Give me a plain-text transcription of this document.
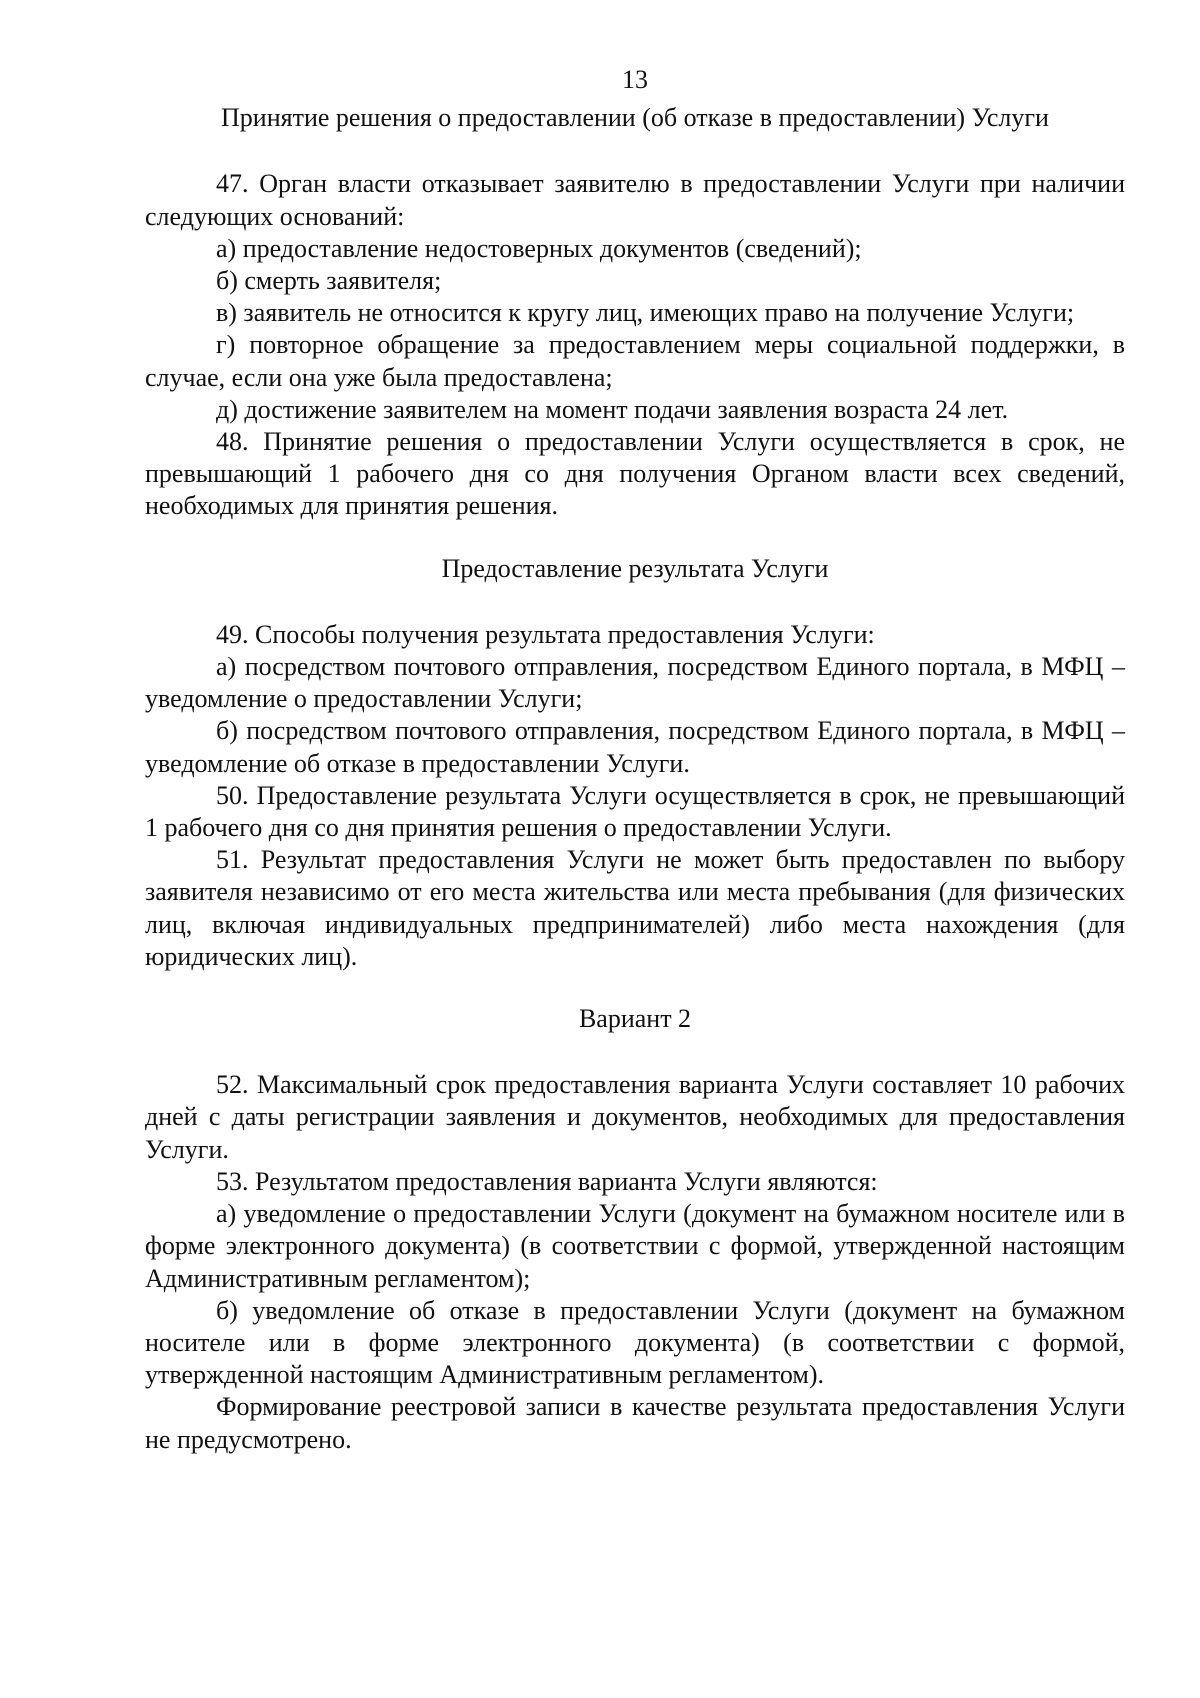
13
Принятие решения о предоставлении (об отказе в предоставлении) Услуги

47. Орган власти отказывает заявителю в предоставлении Услуги при наличии следующих оснований:

а) предоставление недостоверных документов (сведений);

б) смерть заявителя;

в) заявитель не относится к кругу лиц, имеющих право на получение Услуги;

г) повторное обращение за предоставлением меры социальной поддержки, в случае, если она уже была предоставлена;

д) достижение заявителем на момент подачи заявления возраста 24 лет.

48. Принятие решения о предоставлении Услуги осуществляется в срок, не превышающий 1 рабочего дня со дня получения Органом власти всех сведений, необходимых для принятия решения.

Предоставление результата Услуги

49. Способы получения результата предоставления Услуги:

а) посредством почтового отправления, посредством Единого портала, в МФЦ – уведомление о предоставлении Услуги;

б) посредством почтового отправления, посредством Единого портала, в МФЦ – уведомление об отказе в предоставлении Услуги.

50. Предоставление результата Услуги осуществляется в срок, не превышающий 1 рабочего дня со дня принятия решения о предоставлении Услуги.

51. Результат предоставления Услуги не может быть предоставлен по выбору заявителя независимо от его места жительства или места пребывания (для физических лиц, включая индивидуальных предпринимателей) либо места нахождения (для юридических лиц).

Вариант 2

52. Максимальный срок предоставления варианта Услуги составляет 10 рабочих дней с даты регистрации заявления и документов, необходимых для предоставления Услуги.

53. Результатом предоставления варианта Услуги являются:

а) уведомление о предоставлении Услуги (документ на бумажном носителе или в форме электронного документа) (в соответствии с формой, утвержденной настоящим Административным регламентом);

б) уведомление об отказе в предоставлении Услуги (документ на бумажном носителе или в форме электронного документа) (в соответствии с формой, утвержденной настоящим Административным регламентом).

Формирование реестровой записи в качестве результата предоставления Услуги не предусмотрено.
